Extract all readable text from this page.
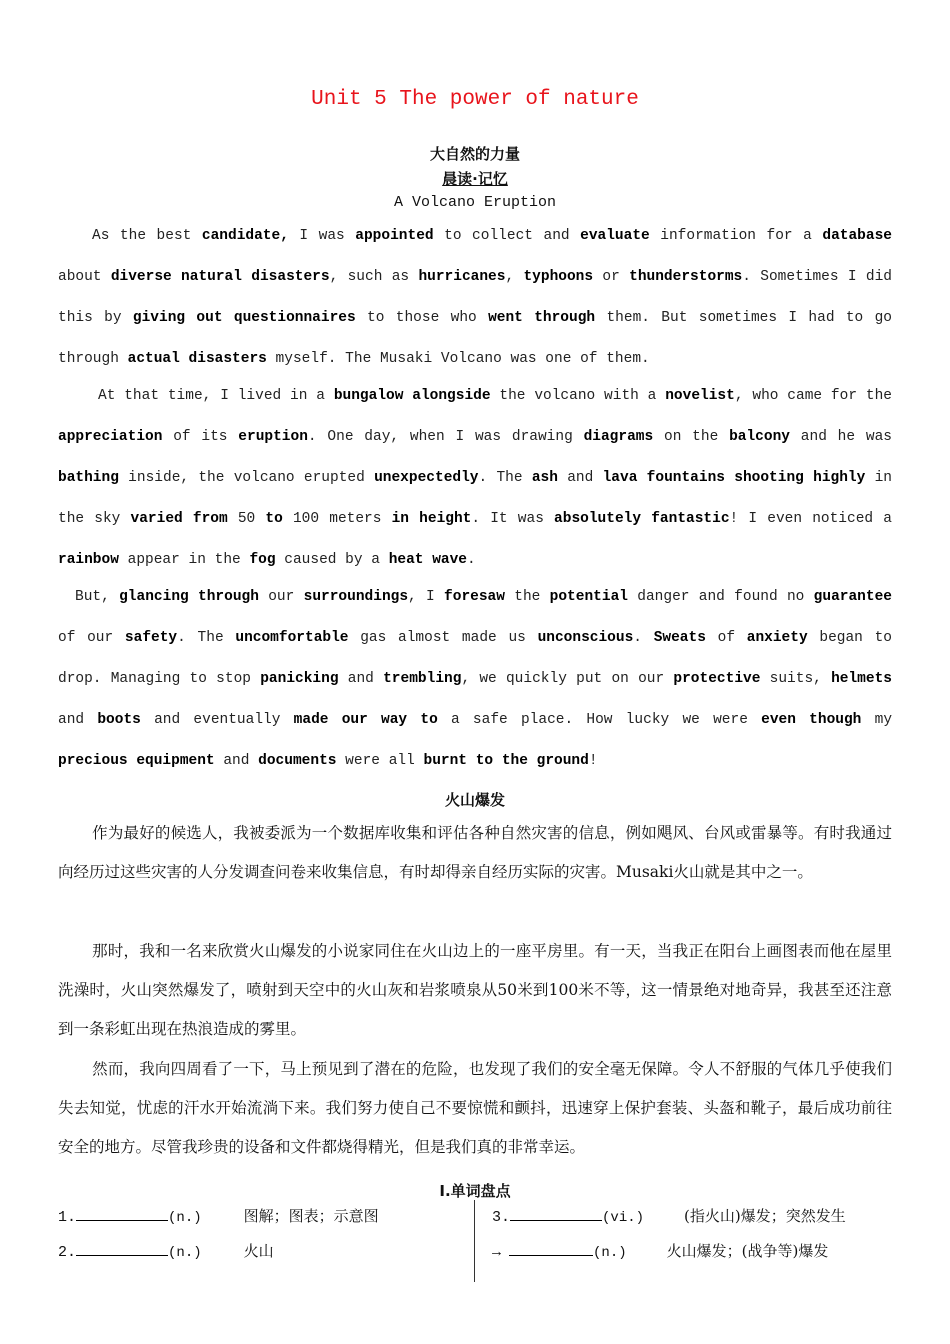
Unit 5 The power of nature
大自然的力量
晨读·记忆
A Volcano Eruption
As the best candidate, I was appointed to collect and evaluate information for a database about diverse natural disasters, such as hurricanes, typhoons or thunderstorms. Sometimes I did this by giving out questionnaires to those who went through them. But sometimes I had to go through actual disasters myself. The Musaki Volcano was one of them.
At that time, I lived in a bungalow alongside the volcano with a novelist, who came for the appreciation of its eruption. One day, when I was drawing diagrams on the balcony and he was bathing inside, the volcano erupted unexpectedly. The ash and lava fountains shooting highly in the sky varied from 50 to 100 meters in height. It was absolutely fantastic! I even noticed a rainbow appear in the fog caused by a heat wave.
But, glancing through our surroundings, I foresaw the potential danger and found no guarantee of our safety. The uncomfortable gas almost made us unconscious. Sweats of anxiety began to drop. Managing to stop panicking and trembling, we quickly put on our protective suits, helmets and boots and eventually made our way to a safe place. How lucky we were even though my precious equipment and documents were all burnt to the ground!
火山爆发
作为最好的候选人，我被委派为一个数据库收集和评估各种自然灾害的信息，例如飓风、台风或雷暴等。有时我通过向经历过这些灾害的人分发调查问卷来收集信息，有时却得亲自经历实际的灾害。Musaki火山就是其中之一。
那时，我和一名来欣赏火山爆发的小说家同住在火山边上的一座平房里。有一天，当我正在阳台上画图表而他在屋里洗澡时，火山突然爆发了，喷射到天空中的火山灰和岩浆喷泉从50米到100米不等，这一情景绝对地奇异，我甚至还注意到一条彩虹出现在热浪造成的雾里。
然而，我向四周看了一下，马上预见到了潜在的危险，也发现了我们的安全毫无保障。令人不舒服的气体几乎使我们失去知觉，忧虑的汗水开始流淌下来。我们努力使自己不要惊慌和颤抖，迅速穿上保护套装、头盔和靴子，最后成功前往安全的地方。尽管我珍贵的设备和文件都烧得精光，但是我们真的非常幸运。
I.单词盘点
1.	(n.)	图解；图表；示意图
2.	(n.)	火山
3.	(vi.)	(指火山)爆发；突然发生
→	(n.)	火山爆发；(战争等)爆发
